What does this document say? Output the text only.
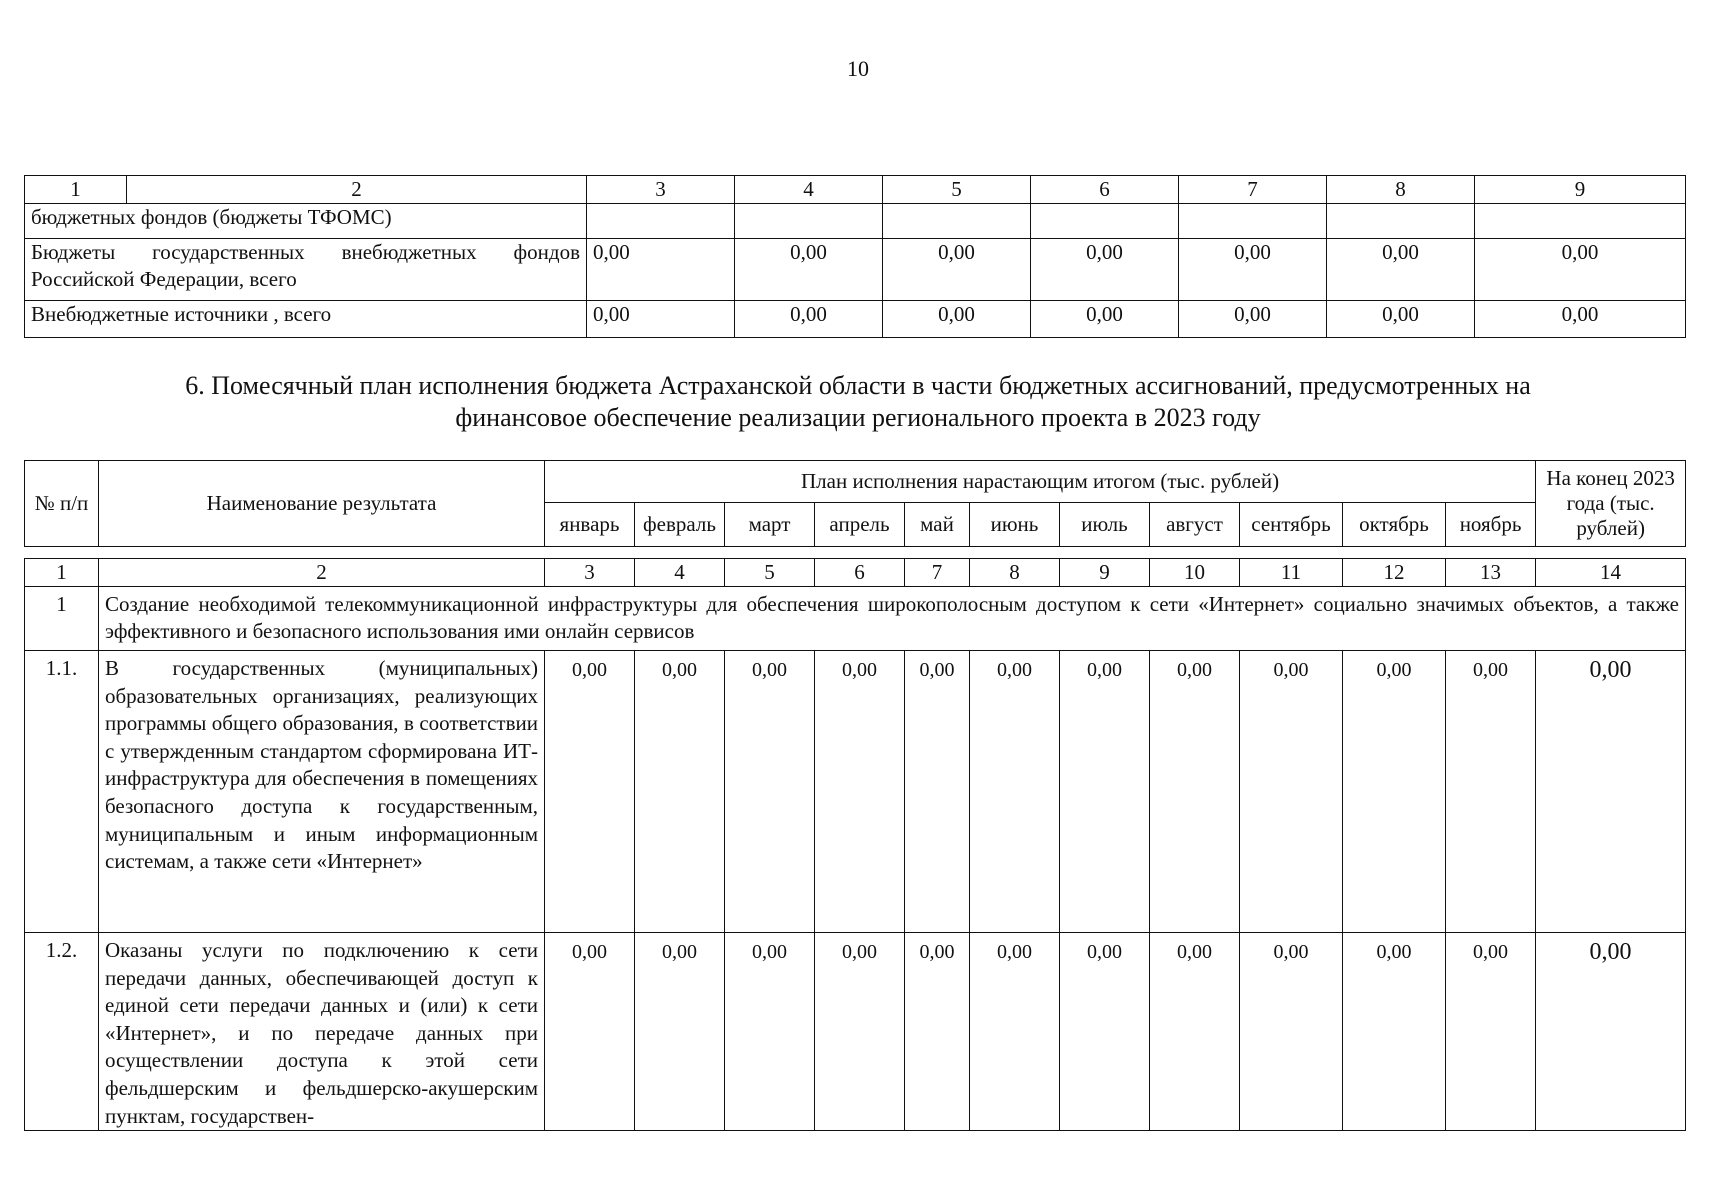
10
1	2	3	4	5	6	7	8	9
бюджетных фондов (бюджеты ТФОМС)								
Бюджеты государственных внебюджетных фондов Российской Федерации, всего		0,00	0,00	0,00	0,00	0,00	0,00	0,00
Внебюджетные источники , всего		0,00	0,00	0,00	0,00	0,00	0,00	0,00
6. Помесячный план исполнения бюджета Астраханской области в части бюджетных ассигнований, предусмотренных на
финансовое обеспечение реализации регионального проекта в 2023 году
№ п/п	Наименование результата	План исполнения нарастающим итогом (тыс. рублей)											На конец 2023 года (тыс. рублей)
		январь	февраль	март	апрель	май	июнь	июль	август	сентябрь	октябрь	ноябрь	
1	2	3	4	5	6	7	8	9	10	11	12	13	14
1	Создание необходимой телекоммуникационной инфраструктуры для обеспечения широкополосным доступом к сети «Интернет» социально значимых объектов, а также эффективного и безопасного использования ими онлайн сервисов												
1.1.	В государственных (муниципальных) образовательных организациях, реализующих программы общего образования, в соответствии с утвержденным стандартом сформирована ИТ-инфраструктура для обеспечения в помещениях безопасного доступа к государственным, муниципальным и иным информационным системам, а также сети «Интернет»	0,00	0,00	0,00	0,00	0,00	0,00	0,00	0,00	0,00	0,00	0,00	0,00
1.2.	Оказаны услуги по подключению к сети передачи данных, обеспечивающей доступ к единой сети передачи данных и (или) к сети «Интернет», и по передаче данных при осуществлении доступа к этой сети фельдшерским и фельдшерско-акушерским пунктам, государствен-	0,00	0,00	0,00	0,00	0,00	0,00	0,00	0,00	0,00	0,00	0,00	0,00
